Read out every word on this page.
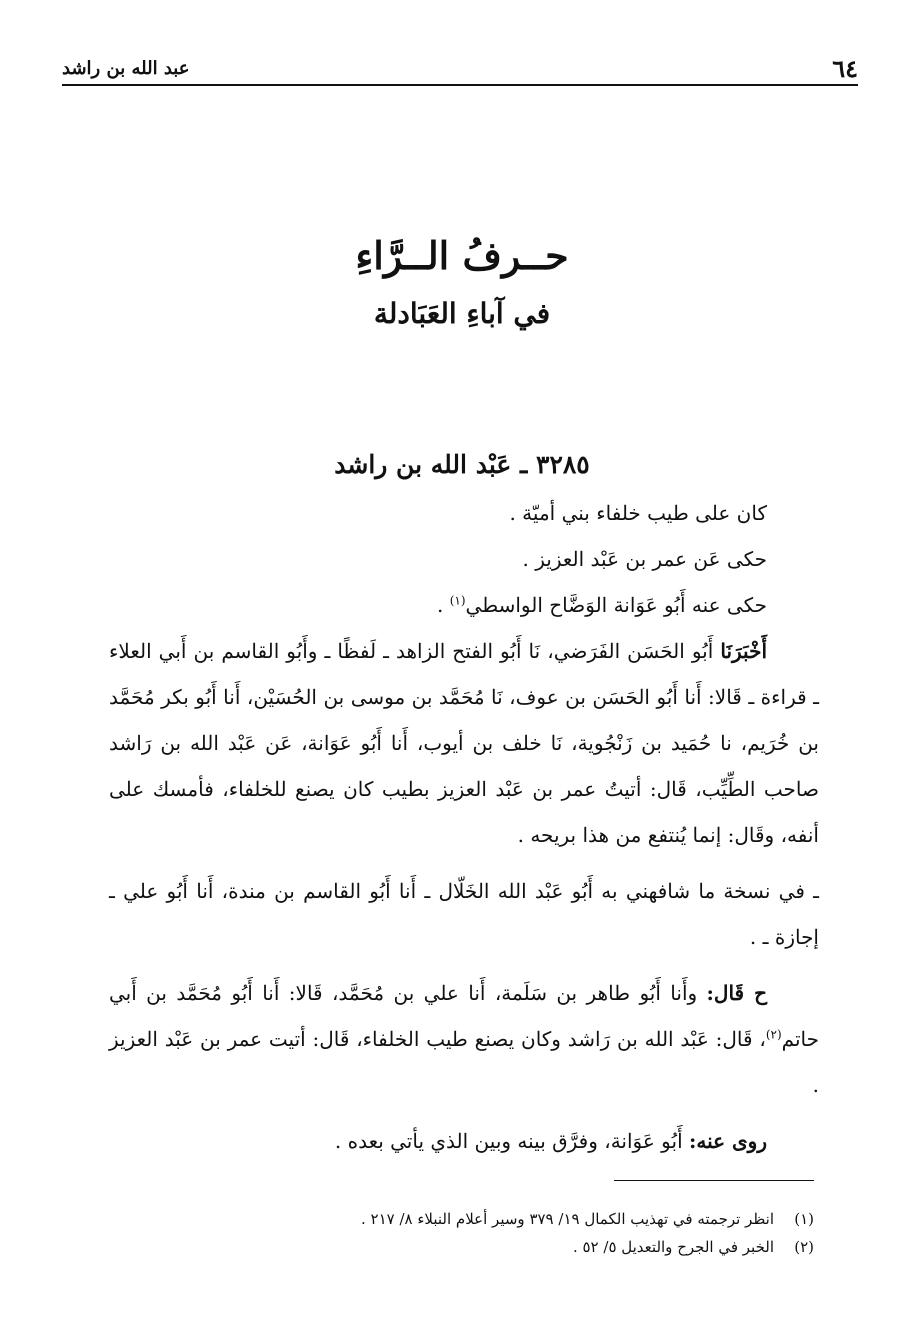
٦٤
عبد الله بن راشد
حــرفُ الــرَّاءِ
في آباءِ العَبَادلة
٣٢٨٥ ـ عَبْد الله بن راشد

كان على طيب خلفاء بني أميّة .

حكى عَن عمر بن عَبْد العزيز .

حكى عنه أَبُو عَوَانة الوَضَّاح الواسطي$^{(١)}$ .

أَخْبَرَنَا أَبُو الحَسَن الفَرَضي، نَا أَبُو الفتح الزاهد ـ لَفظًا ـ وأَبُو القاسم بن أَبي العلاء ـ قراءة ـ قَالا: أَنا أَبُو الحَسَن بن عوف، نَا مُحَمَّد بن موسى بن الحُسَيْن، أَنا أَبُو بكر مُحَمَّد بن خُرَيم، نا حُمَيد بن زَنْجُوية، نَا خلف بن أيوب، أَنا أَبُو عَوَانة، عَن عَبْد الله بن رَاشد صاحب الطِّيِّب، قَال: أتيتُ عمر بن عَبْد العزيز بطيب كان يصنع للخلفاء، فأمسك على أنفه، وقَال: إنما يُنتفع من هذا بريحه .

ـ في نسخة ما شافهني به أَبُو عَبْد الله الخَلّال ـ أَنا أَبُو القاسم بن مندة، أَنا أَبُو علي ـ إجازة ـ .

ح قَال: وأَنا أَبُو طاهر بن سَلَمة، أَنا علي بن مُحَمَّد، قَالا: أَنا أَبُو مُحَمَّد بن أَبي حاتم$^{(٢)}$، قَال: عَبْد الله بن رَاشد وكان يصنع طيب الخلفاء، قَال: أتيت عمر بن عَبْد العزيز .

روى عنه: أَبُو عَوَانة، وفرَّق بينه وبين الذي يأتي بعده .

(١)انظر ترجمته في تهذيب الكمال ١٩/ ٣٧٩ وسير أعلام النبلاء ٨/ ٢١٧ .
(٢)الخبر في الجرح والتعديل ٥/ ٥٢ .
